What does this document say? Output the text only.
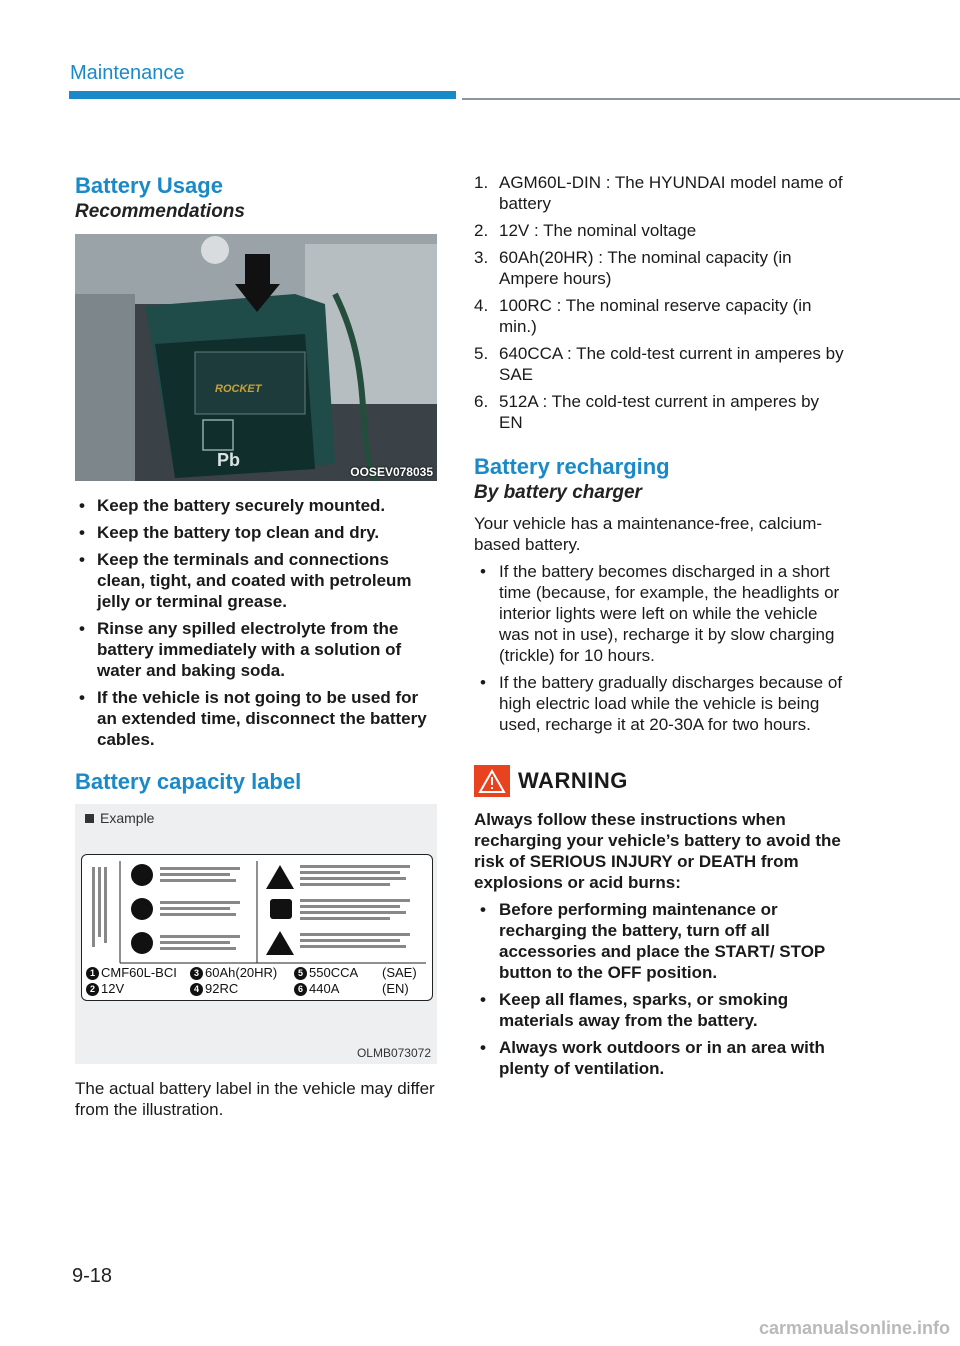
Maintenance
Battery Usage
Recommendations
Pb
ROCKET
OOSEV078035
• Keep the battery securely mounted.
• Keep the battery top clean and dry.
• Keep the terminals and connections clean, tight, and coated with petroleum jelly or terminal grease.
• Rinse any spilled electrolyte from the battery immediately with a solution of water and baking soda.
• If the vehicle is not going to be used for an extended time, disconnect the battery cables.
Battery capacity label
Example
1 CMF60L-BCI	3 60Ah(20HR)	5 550CCA (SAE)
2 12V	4 92RC	6 440A	(EN)
OLMB073072

The actual battery label in the vehicle may differ from the illustration.

1. AGM60L-DIN : The HYUNDAI model name of battery
2. 12V : The nominal voltage
3. 60Ah(20HR) : The nominal capacity (in Ampere hours)
4. 100RC : The nominal reserve capacity (in min.)
5. 640CCA : The cold-test current in amperes by SAE
6. 512A : The cold-test current in amperes by EN
Battery recharging
By battery charger

Your vehicle has a maintenance-free, calcium-based battery.

• If the battery becomes discharged in a short time (because, for example, the headlights or interior lights were left on while the vehicle was not in use), recharge it by slow charging (trickle) for 10 hours.
• If the battery gradually discharges because of high electric load while the vehicle is being used, recharge it at 20-30A for two hours.
WARNING
Always follow these instructions when recharging your vehicle’s battery to avoid the risk of SERIOUS INJURY or DEATH from explosions or acid burns:
• Before performing maintenance or recharging the battery, turn off all accessories and place the START/ STOP button to the OFF position.
• Keep all flames, sparks, or smoking materials away from the battery.
• Always work outdoors or in an area with plenty of ventilation.
9-18
carmanualsonline.info
